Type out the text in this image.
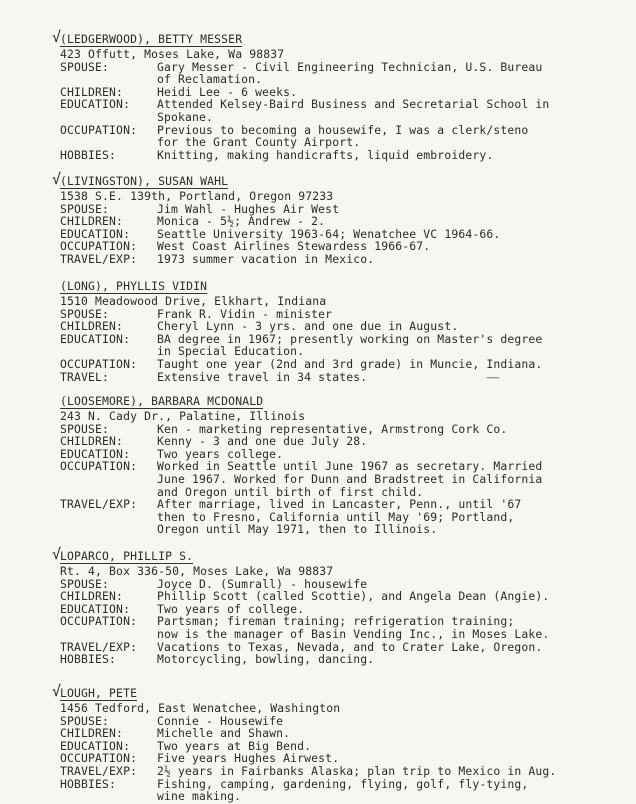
√
(LEDGERWOOD), BETTY MESSER
423 Offutt, Moses Lake, Wa 98837
SPOUSE:	Gary Messer - Civil Engineering Technician, U.S. Bureau
of Reclamation.
CHILDREN:	Heidi Lee - 6 weeks.
EDUCATION: Attended Kelsey-Baird Business and Secretarial School in
Spokane.
OCCUPATION: Previous to becoming a housewife, I was a clerk/steno
for the Grant County Airport.
HOBBIES:	Knitting, making handicrafts, liquid embroidery.
√
(LIVINGSTON), SUSAN WAHL
1538 S.E. 139th, Portland, Oregon 97233
SPOUSE:	Jim Wahl - Hughes Air West
CHILDREN:	Monica - 5½; Andrew - 2.
EDUCATION: Seattle University 1963-64; Wenatchee VC 1964-66.
OCCUPATION: West Coast Airlines Stewardess 1966-67.
TRAVEL/EXP: 1973 summer vacation in Mexico.
(LONG), PHYLLIS VIDIN
1510 Meadowood Drive, Elkhart, Indiana
SPOUSE:	Frank R. Vidin - minister
CHILDREN:	Cheryl Lynn - 3 yrs. and one due in August.
EDUCATION: BA degree in 1967; presently working on Master's degree
in Special Education.
OCCUPATION: Taught one year (2nd and 3rd grade) in Muncie, Indiana.
TRAVEL:	Extensive travel in 34 states.	~~~
(LOOSEMORE), BARBARA MCDONALD
243 N. Cady Dr., Palatine, Illinois
SPOUSE:	Ken - marketing representative, Armstrong Cork Co.
CHILDREN:	Kenny - 3 and one due July 28.
EDUCATION: Two years college.
OCCUPATION: Worked in Seattle until June 1967 as secretary. Married
June 1967. Worked for Dunn and Bradstreet in California
and Oregon until birth of first child.
TRAVEL/EXP: After marriage, lived in Lancaster, Penn., until '67
then to Fresno, California until May '69; Portland,
Oregon until May 1971, then to Illinois.
√
LOPARCO, PHILLIP S.
Rt. 4, Box 336-50, Moses Lake, Wa 98837
SPOUSE:	Joyce D. (Sumrall) - housewife
CHILDREN:	Phillip Scott (called Scottie), and Angela Dean (Angie).
EDUCATION: Two years of college.
OCCUPATION: Partsman; fireman training; refrigeration training;
now is the manager of Basin Vending Inc., in Moses Lake.
TRAVEL/EXP: Vacations to Texas, Nevada, and to Crater Lake, Oregon.
HOBBIES:	Motorcycling, bowling, dancing.
√
LOUGH, PETE
1456 Tedford, East Wenatchee, Washington
SPOUSE:	Connie - Housewife
CHILDREN:	Michelle and Shawn.
EDUCATION: Two years at Big Bend.
OCCUPATION: Five years Hughes Airwest.
TRAVEL/EXP: 2½ years in Fairbanks Alaska; plan trip to Mexico in Aug.
HOBBIES:	Fishing, camping, gardening, flying, golf, fly-tying,
wine making.
